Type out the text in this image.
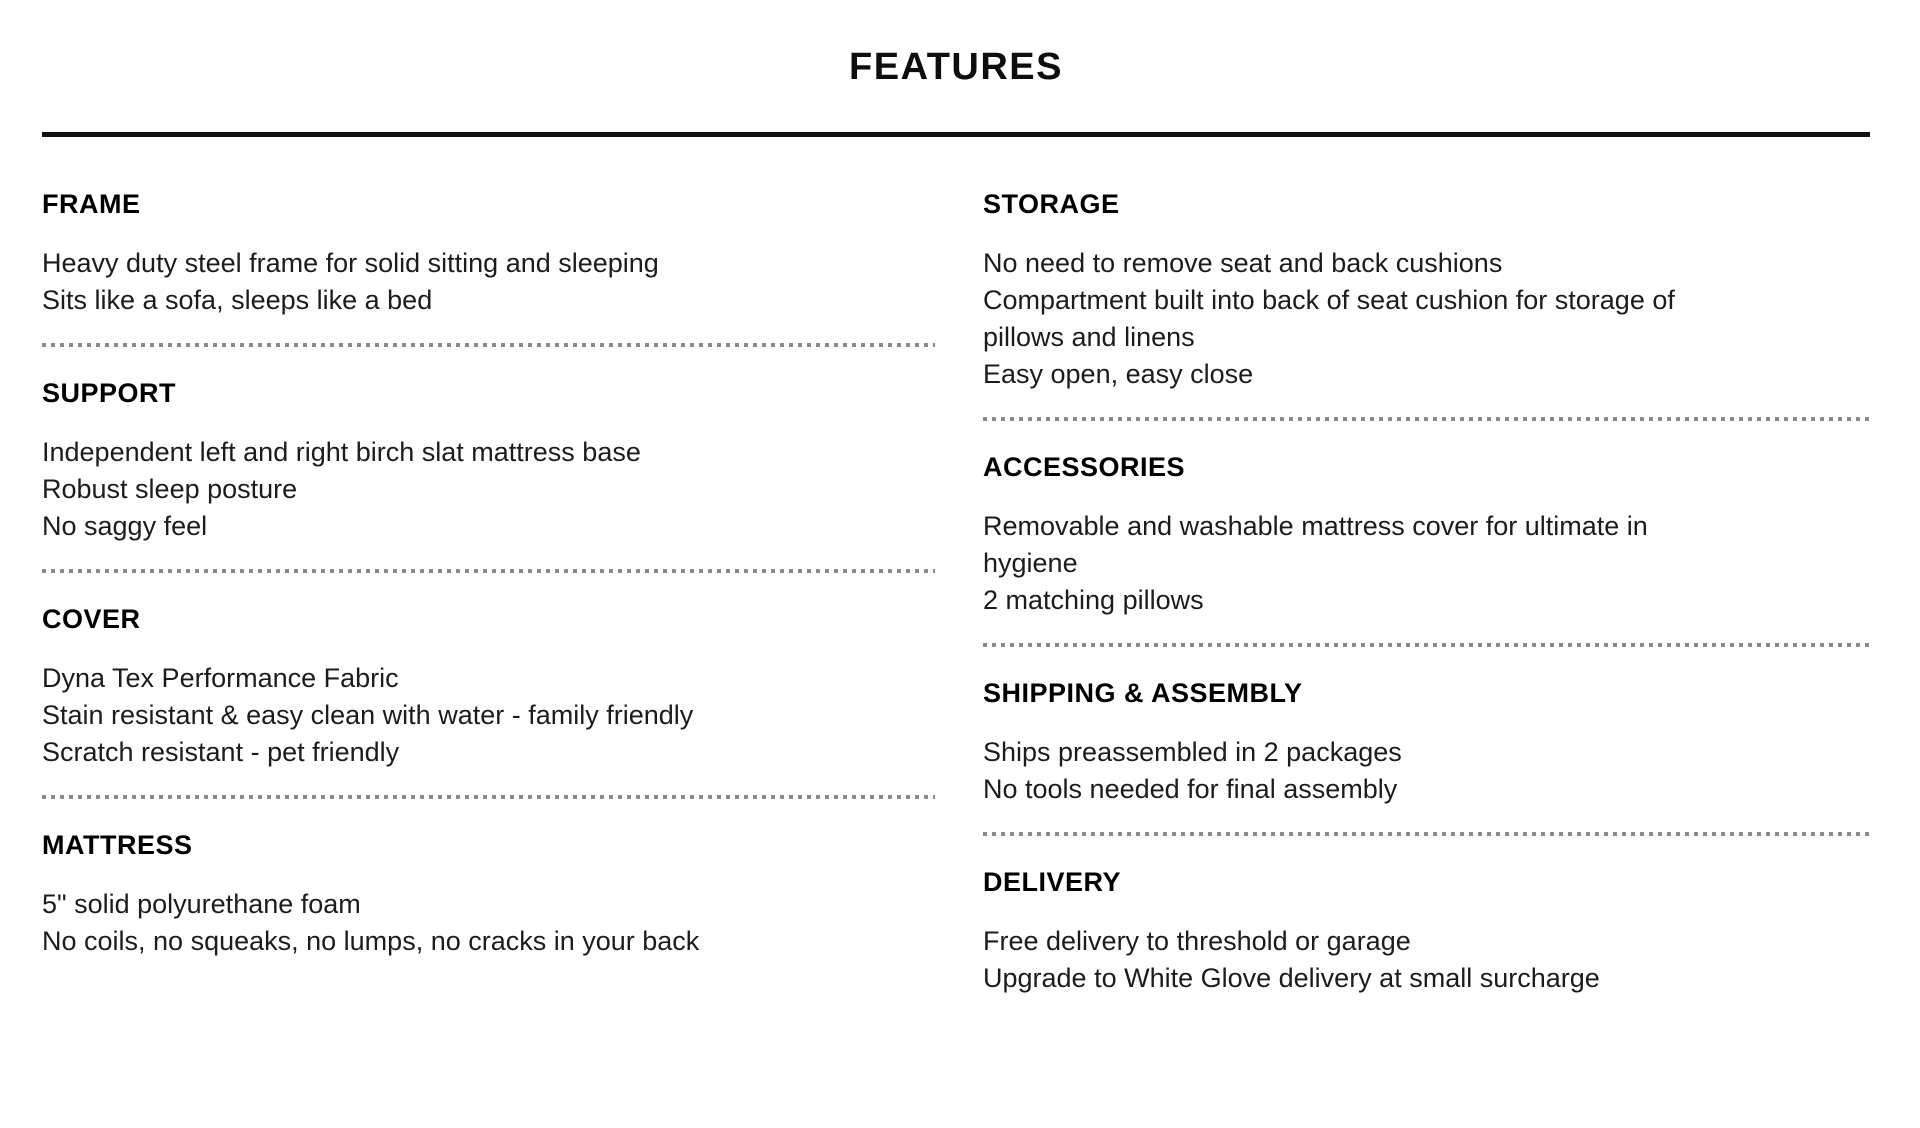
FEATURES
FRAME

Heavy duty steel frame for solid sitting and sleeping

Sits like a sofa, sleeps like a bed

SUPPORT

Independent left and right birch slat mattress base

Robust sleep posture

No saggy feel

COVER

Dyna Tex Performance Fabric

Stain resistant & easy clean with water - family friendly

Scratch resistant - pet friendly

MATTRESS

5" solid polyurethane foam

No coils, no squeaks, no lumps, no cracks in your back

STORAGE

No need to remove seat and back cushions

Compartment built into back of seat cushion for storage of

pillows and linens

Easy open, easy close

ACCESSORIES

Removable and washable mattress cover for ultimate in

hygiene

2 matching pillows

SHIPPING & ASSEMBLY

Ships preassembled in 2 packages

No tools needed for final assembly

DELIVERY

Free delivery to threshold or garage

Upgrade to White Glove delivery at small surcharge
